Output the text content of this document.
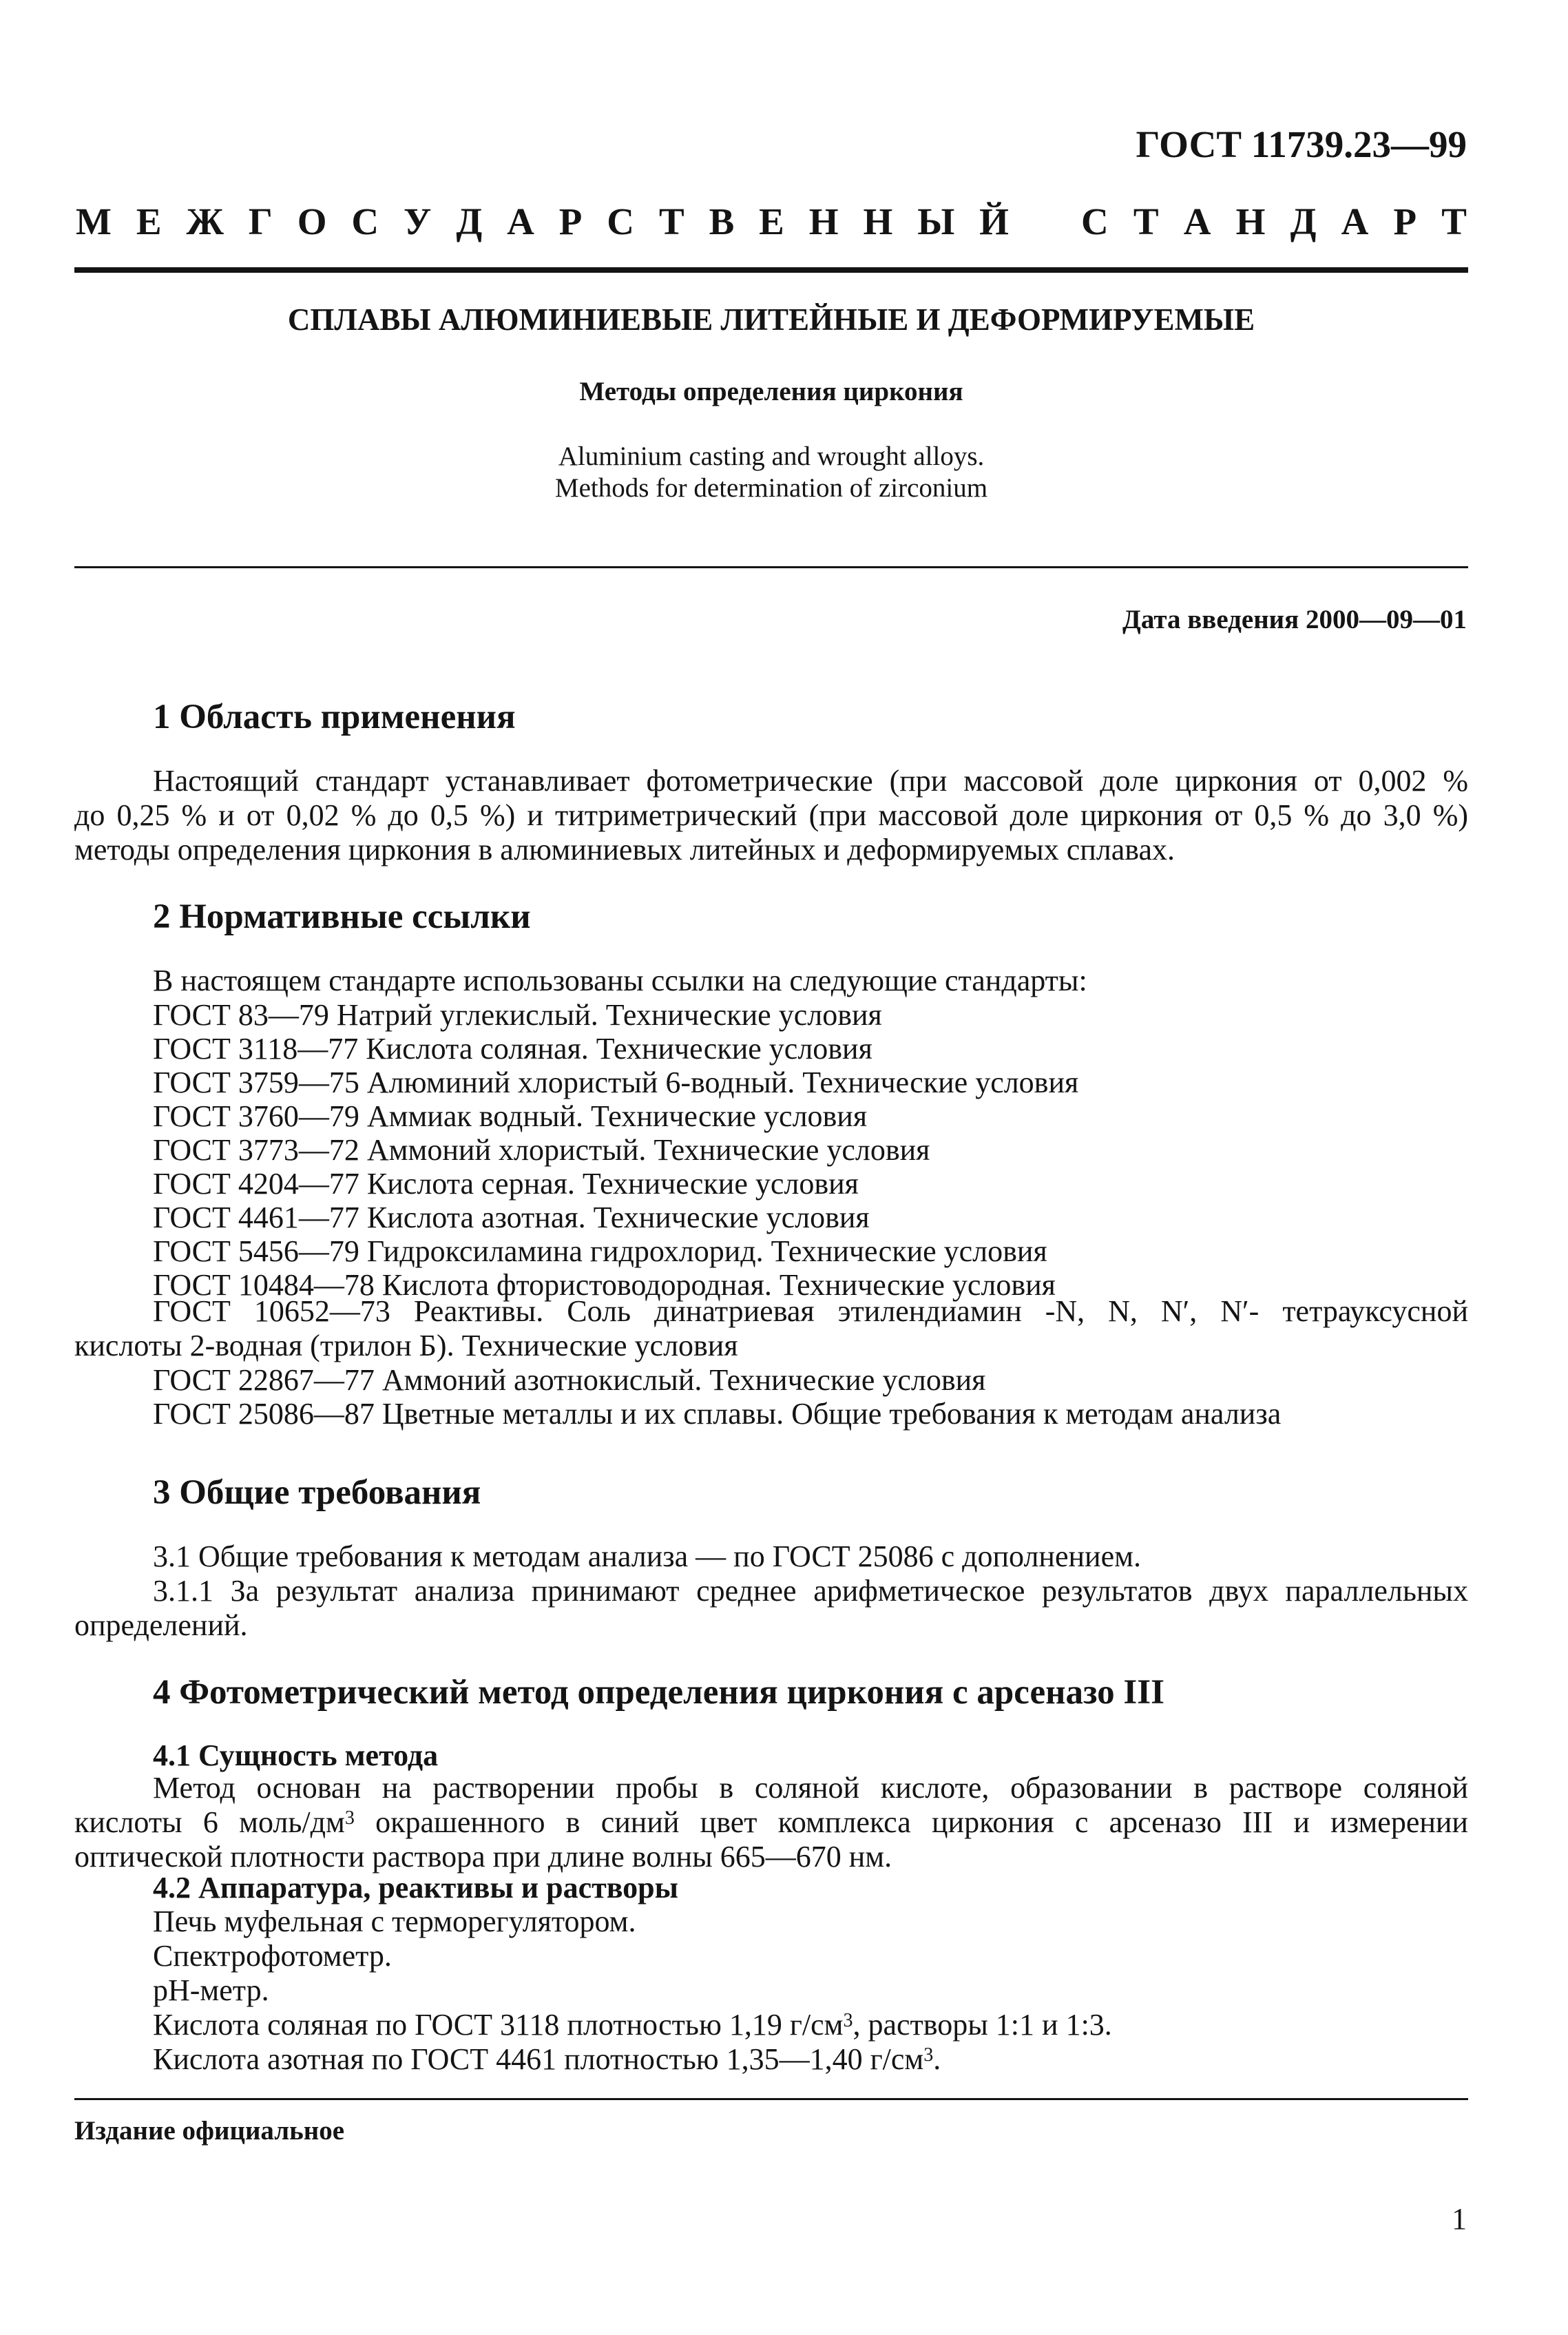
ГОСТ 11739.23—99
М Е Ж Г О С У Д А Р С Т В Е Н Н Ы Й С Т А Н Д А Р Т
СПЛАВЫ АЛЮМИНИЕВЫЕ ЛИТЕЙНЫЕ И ДЕФОРМИРУЕМЫЕ
Методы определения циркония
Aluminium casting and wrought alloys.
Methods for determination of zirconium
Дата введения 2000—09—01
1 Область применения
Настоящий стандарт устанавливает фотометрические (при массовой доле циркония от 0,002 %
до 0,25 % и от 0,02 % до 0,5 %) и титриметрический (при массовой доле циркония от 0,5 % до 3,0 %)
методы определения циркония в алюминиевых литейных и деформируемых сплавах.
2 Нормативные ссылки
В настоящем стандарте использованы ссылки на следующие стандарты:
ГОСТ 83—79 Натрий углекислый. Технические условия
ГОСТ 3118—77 Кислота соляная. Технические условия
ГОСТ 3759—75 Алюминий хлористый 6-водный. Технические условия
ГОСТ 3760—79 Аммиак водный. Технические условия
ГОСТ 3773—72 Аммоний хлористый. Технические условия
ГОСТ 4204—77 Кислота серная. Технические условия
ГОСТ 4461—77 Кислота азотная. Технические условия
ГОСТ 5456—79 Гидроксиламина гидрохлорид. Технические условия
ГОСТ 10484—78 Кислота фтористоводородная. Технические условия
ГОСТ 10652—73 Реактивы. Соль динатриевая этилендиамин -N, N, N′, N′- тетрауксусной
кислоты 2-водная (трилон Б). Технические условия
ГОСТ 22867—77 Аммоний азотнокислый. Технические условия
ГОСТ 25086—87 Цветные металлы и их сплавы. Общие требования к методам анализа
3 Общие требования
3.1 Общие требования к методам анализа — по ГОСТ 25086 с дополнением.
3.1.1 За результат анализа принимают среднее арифметическое результатов двух параллельных
определений.
4 Фотометрический метод определения циркония с арсеназо III
4.1 Сущность метода
Метод основан на растворении пробы в соляной кислоте, образовании в растворе соляной
кислоты 6 моль/$дм^3$ окрашенного в синий цвет комплекса циркония с арсеназо III и измерении
оптической плотности раствора при длине волны 665—670 нм.
4.2 Аппаратура, реактивы и растворы
Печь муфельная с терморегулятором.
Спектрофотометр.
pH-метр.
Кислота соляная по ГОСТ 3118 плотностью 1,19 $г/см^3$, растворы 1:1 и 1:3.
Кислота азотная по ГОСТ 4461 плотностью 1,35—1,40 $г/см^3$.
Издание официальное
1
